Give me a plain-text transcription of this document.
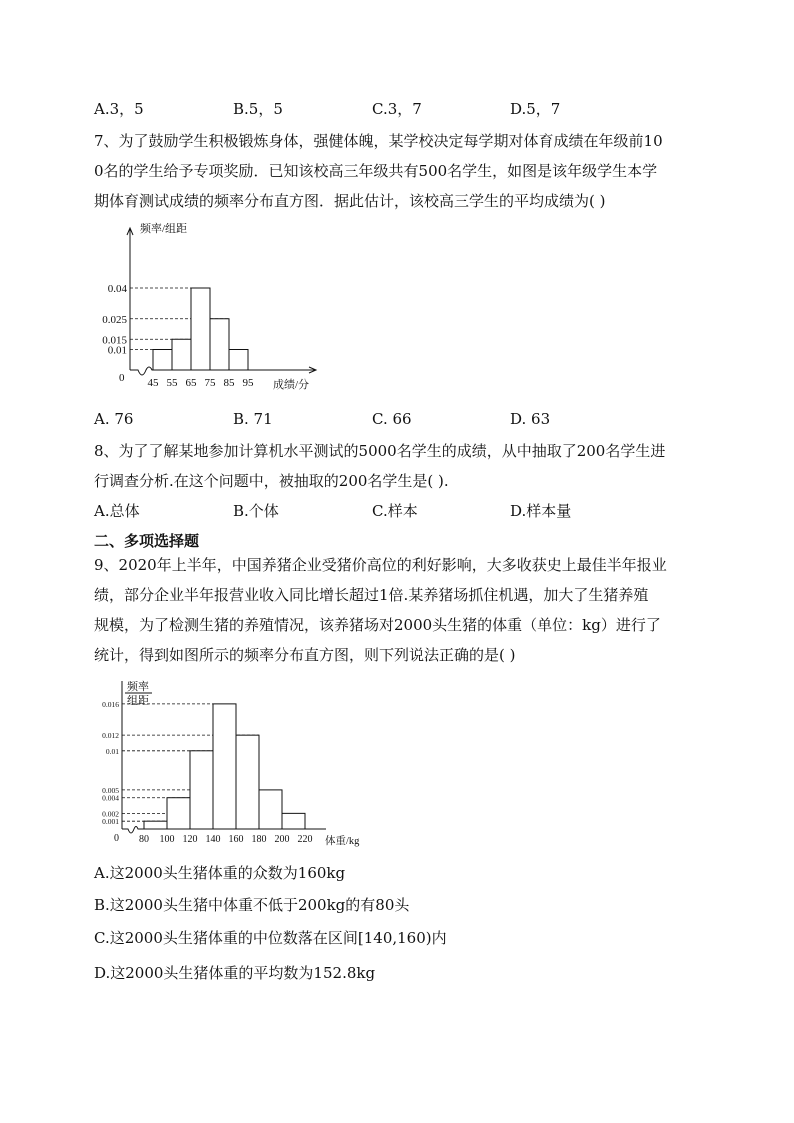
A.3，5	B.5，5	C.3，7	D.5，7
7、为了鼓励学生积极锻炼身体，强健体魄，某学校决定每学期对体育成绩在年级前10
0名的学生给予专项奖励．已知该校高三年级共有500名学生，如图是该年级学生本学
期体育测试成绩的频率分布直方图．据此估计，该校高三学生的平均成绩为( )
频率/组距
成绩/分
0
0.01
0.015
0.025
0.04
45 55 65 75 85 95
A. 76	B. 71	C. 66	D. 63
8、为了了解某地参加计算机水平测试的5000名学生的成绩，从中抽取了200名学生进
行调查分析.在这个问题中，被抽取的200名学生是( ).
A.总体	B.个体	C.样本	D.样本量
二、多项选择题
9、2020年上半年，中国养猪企业受猪价高位的利好影响，大多收获史上最佳半年报业
绩，部分企业半年报营业收入同比增长超过1倍.某养猪场抓住机遇，加大了生猪养殖
规模，为了检测生猪的养殖情况，该养猪场对2000头生猪的体重（单位：kg）进行了
统计，得到如图所示的频率分布直方图，则下列说法正确的是( )
频率
组距
体重/kg
0
0.001
0.002
0.004
0.005
0.01
0.012
0.016
80 100 120 140 160 180 200 220
A.这2000头生猪体重的众数为160kg
B.这2000头生猪中体重不低于200kg的有80头
C.这2000头生猪体重的中位数落在区间[140,160)内
D.这2000头生猪体重的平均数为152.8kg
